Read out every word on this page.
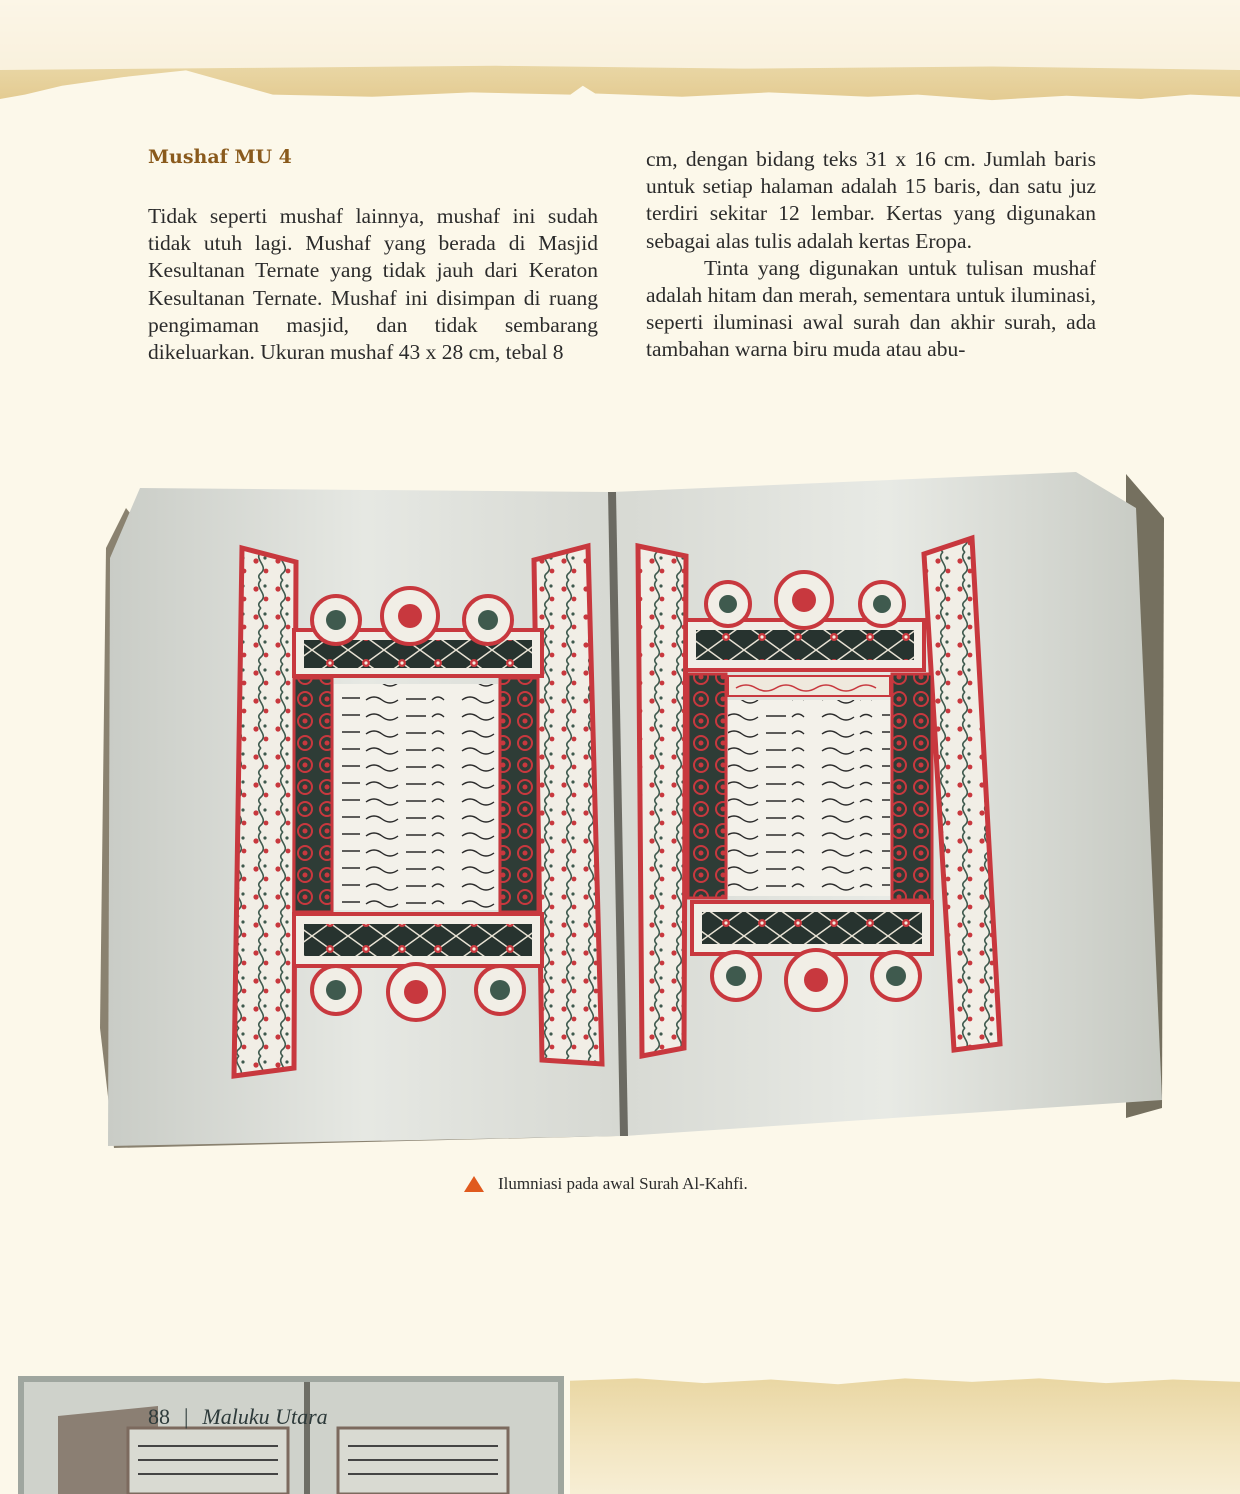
Mushaf MU 4

Tidak seperti mushaf lainnya, mushaf ini sudah tidak utuh lagi. Mushaf yang berada di Masjid Kesultanan Ternate yang tidak jauh dari Keraton Kesultanan Ternate. Mushaf ini disimpan di ruang pengimaman masjid, dan tidak sembarang dikeluarkan. Ukuran mushaf 43 x 28 cm, tebal 8

cm, dengan bidang teks 31 x 16 cm. Jumlah baris untuk setiap halaman adalah 15 baris, dan satu juz terdiri sekitar 12 lembar. Kertas yang digunakan sebagai alas tulis adalah kertas Eropa.

Tinta yang digunakan untuk tulisan mushaf adalah hitam dan merah, sementara untuk iluminasi, seperti iluminasi awal surah dan akhir surah, ada tambahan warna biru muda atau abu-

Ilumniasi pada awal Surah Al-Kahfi.
88 | Maluku Utara
